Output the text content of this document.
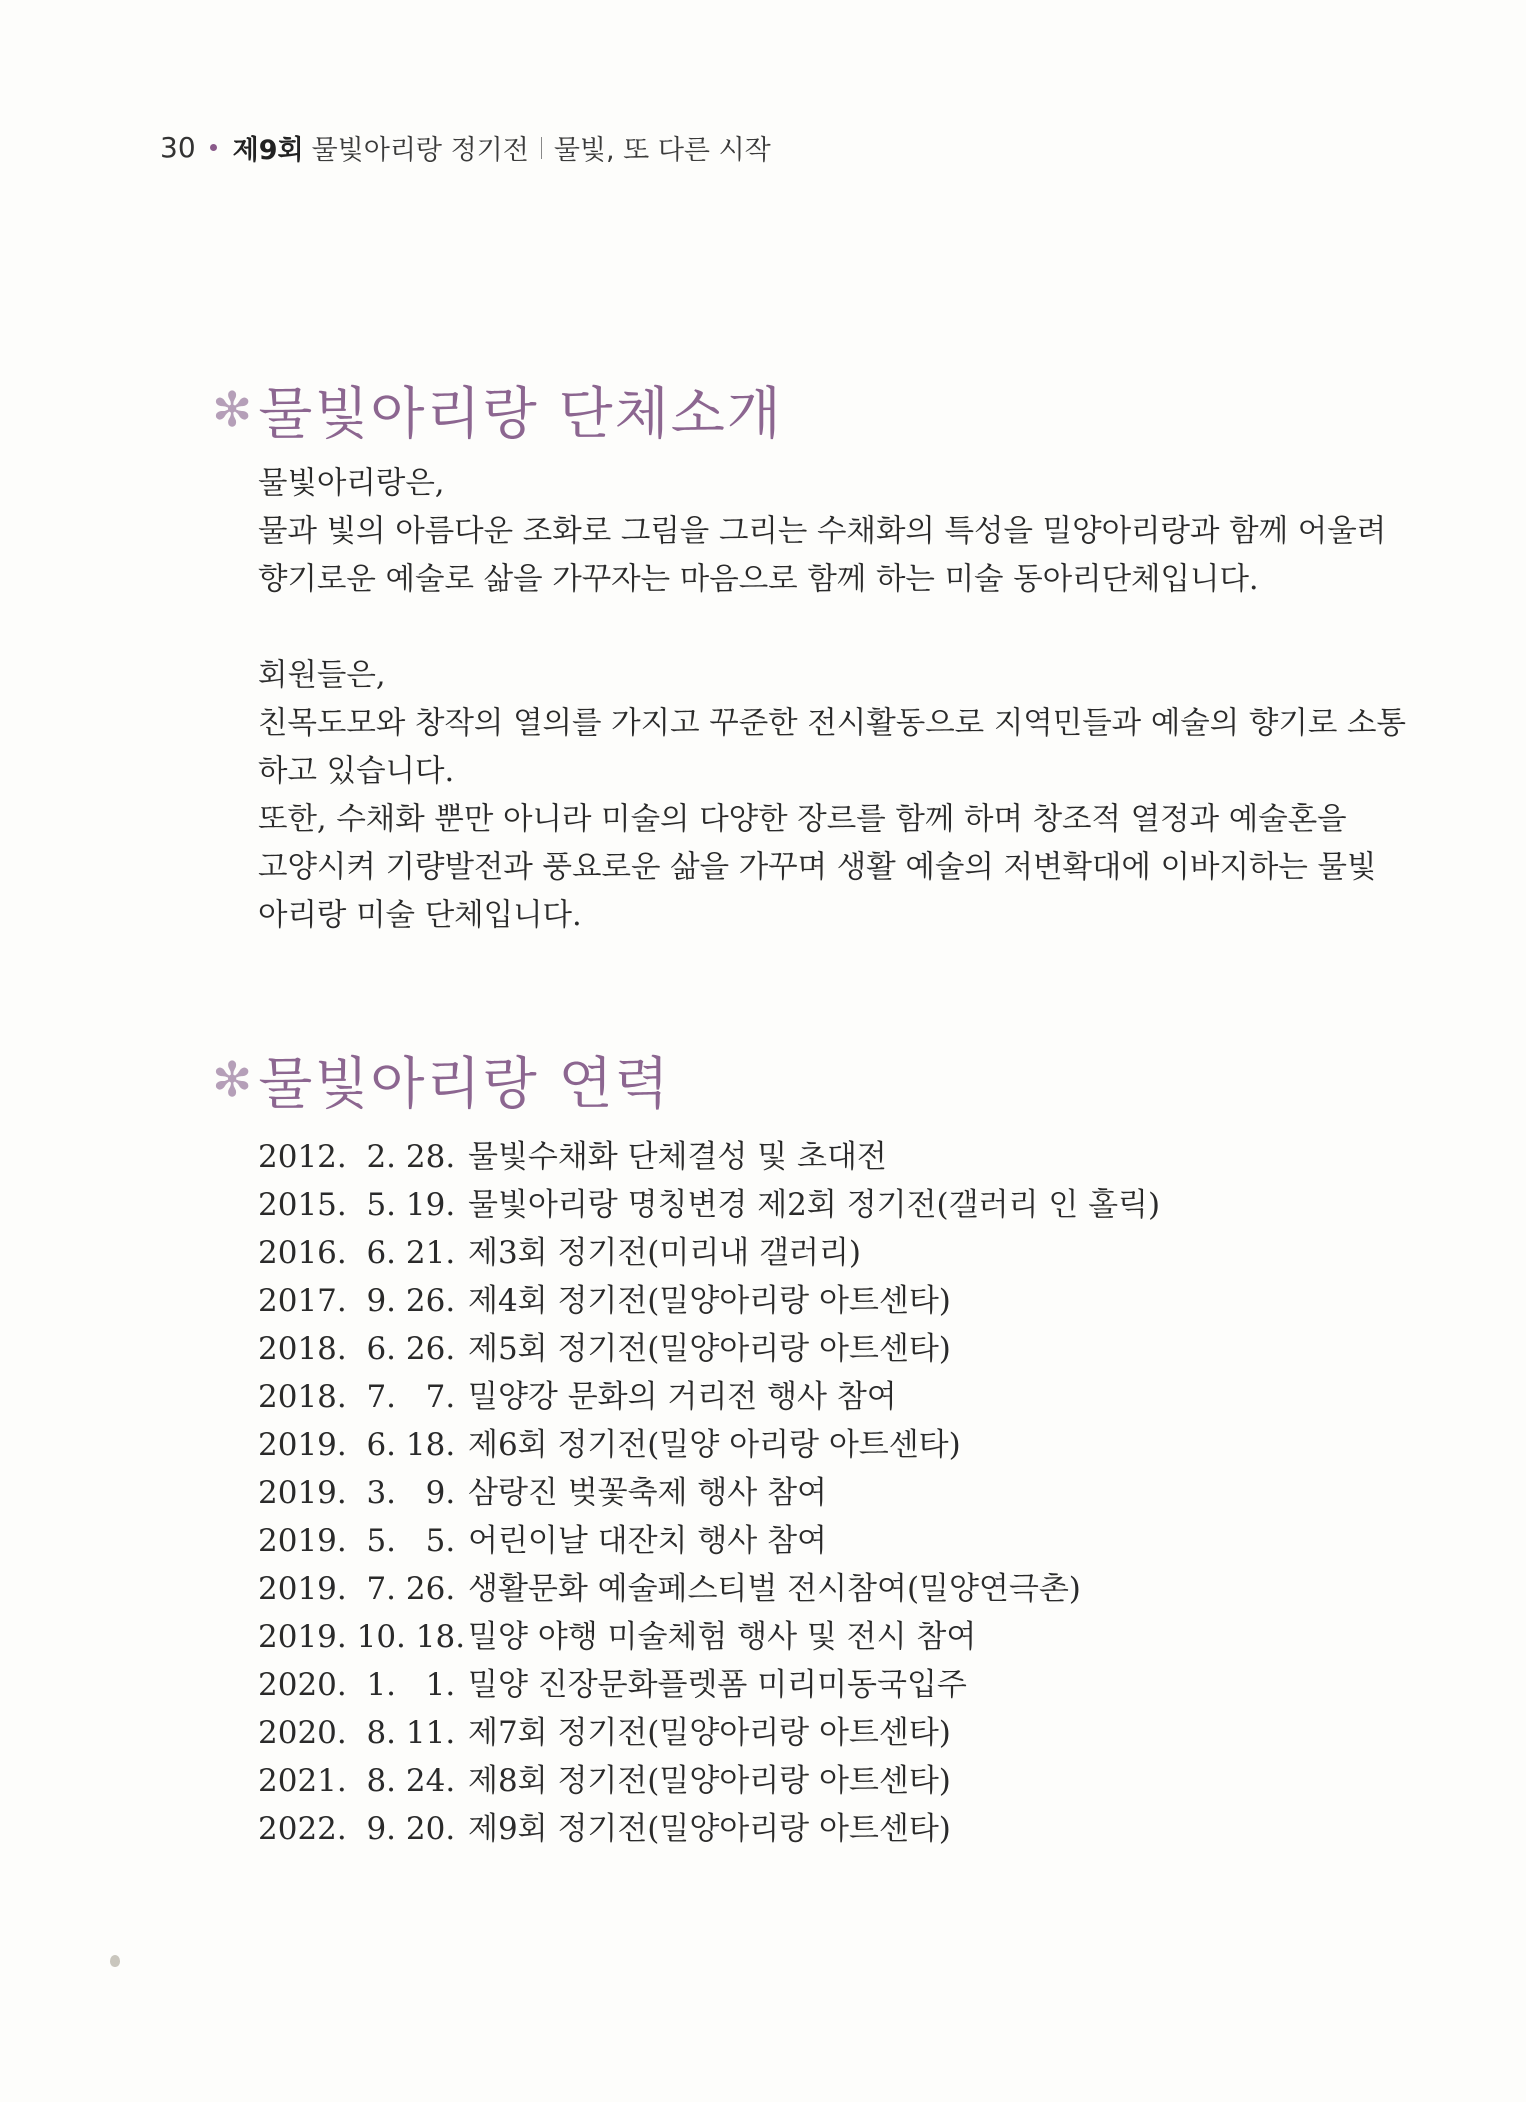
30 제9회 물빛아리랑 정기전 물빛, 또 다른 시작
✻ 물빛아리랑 단체소개

물빛아리랑은,
물과 빛의 아름다운 조화로 그림을 그리는 수채화의 특성을 밀양아리랑과 함께 어울려
향기로운 예술로 삶을 가꾸자는 마음으로 함께 하는 미술 동아리단체입니다.

회원들은,
친목도모와 창작의 열의를 가지고 꾸준한 전시활동으로 지역민들과 예술의 향기로 소통
하고 있습니다.
또한, 수채화 뿐만 아니라 미술의 다양한 장르를 함께 하며 창조적 열정과 예술혼을
고양시켜 기량발전과 풍요로운 삶을 가꾸며 생활 예술의 저변확대에 이바지하는 물빛
아리랑 미술 단체입니다.

✻ 물빛아리랑 연력
2012.  2. 28. 물빛수채화 단체결성 및 초대전
2015.  5. 19. 물빛아리랑 명칭변경 제2회 정기전(갤러리 인 홀릭)
2016.  6. 21. 제3회 정기전(미리내 갤러리)
2017.  9. 26. 제4회 정기전(밀양아리랑 아트센타)
2018.  6. 26. 제5회 정기전(밀양아리랑 아트센타)
2018.  7.   7. 밀양강 문화의 거리전 행사 참여
2019.  6. 18. 제6회 정기전(밀양 아리랑 아트센타)
2019.  3.   9. 삼랑진 벚꽃축제 행사 참여
2019.  5.   5. 어린이날 대잔치 행사 참여
2019.  7. 26. 생활문화 예술페스티벌 전시참여(밀양연극촌)
2019. 10. 18. 밀양 야행 미술체험 행사 및 전시 참여
2020.  1.   1. 밀양 진장문화플렛폼 미리미동국입주
2020.  8. 11. 제7회 정기전(밀양아리랑 아트센타)
2021.  8. 24. 제8회 정기전(밀양아리랑 아트센타)
2022.  9. 20. 제9회 정기전(밀양아리랑 아트센타)
